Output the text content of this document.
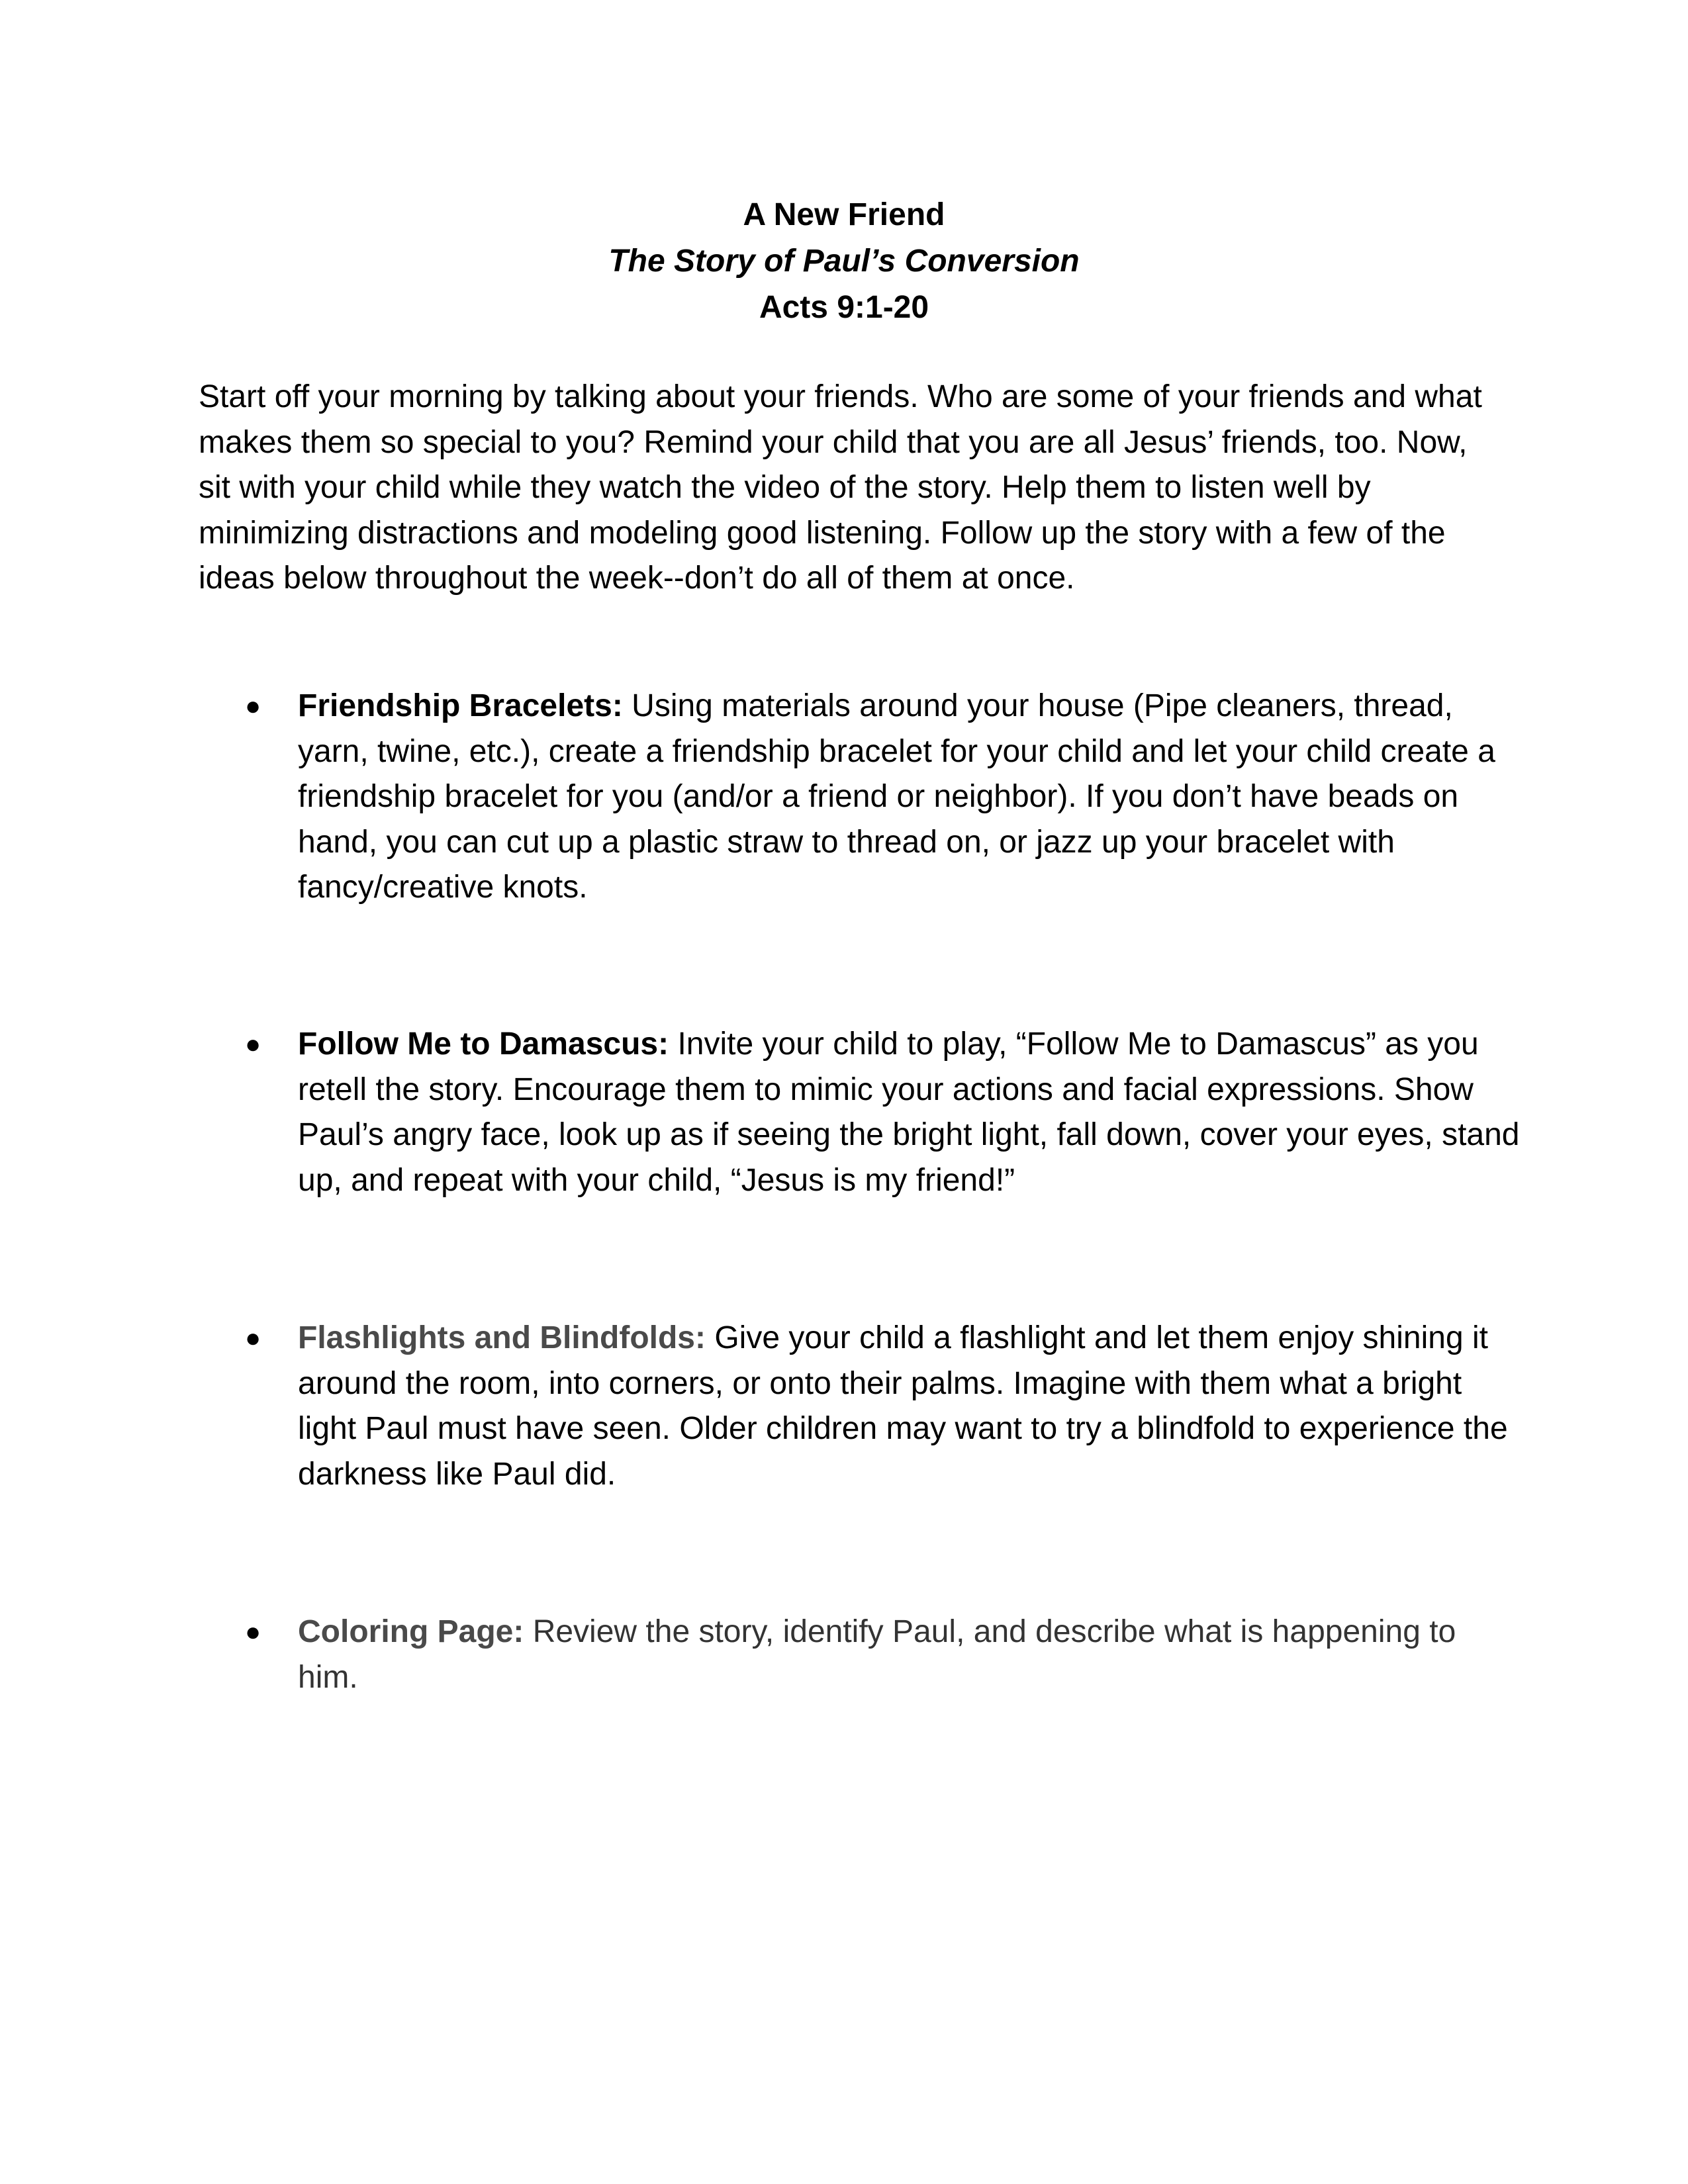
A New Friend
The Story of Paul’s Conversion
Acts 9:1-20

Start off your morning by talking about your friends. Who are some of your friends and what makes them so special to you? Remind your child that you are all Jesus’ friends, too. Now, sit with your child while they watch the video of the story. Help them to listen well by minimizing distractions and modeling good listening. Follow up the story with a few of the ideas below throughout the week--don’t do all of them at once.

●	Friendship Bracelets: Using materials around your house (Pipe cleaners, thread, yarn, twine, etc.), create a friendship bracelet for your child and let your child create a friendship bracelet for you (and/or a friend or neighbor). If you don’t have beads on hand, you can cut up a plastic straw to thread on, or jazz up your bracelet with fancy/creative knots.
●	Follow Me to Damascus: Invite your child to play, “Follow Me to Damascus” as you retell the story. Encourage them to mimic your actions and facial expressions. Show Paul’s angry face, look up as if seeing the bright light, fall down, cover your eyes, stand up, and repeat with your child, “Jesus is my friend!”
●	Flashlights and Blindfolds: Give your child a flashlight and let them enjoy shining it around the room, into corners, or onto their palms. Imagine with them what a bright light Paul must have seen. Older children may want to try a blindfold to experience the darkness like Paul did.
●	Coloring Page: Review the story, identify Paul, and describe what is happening to him.
